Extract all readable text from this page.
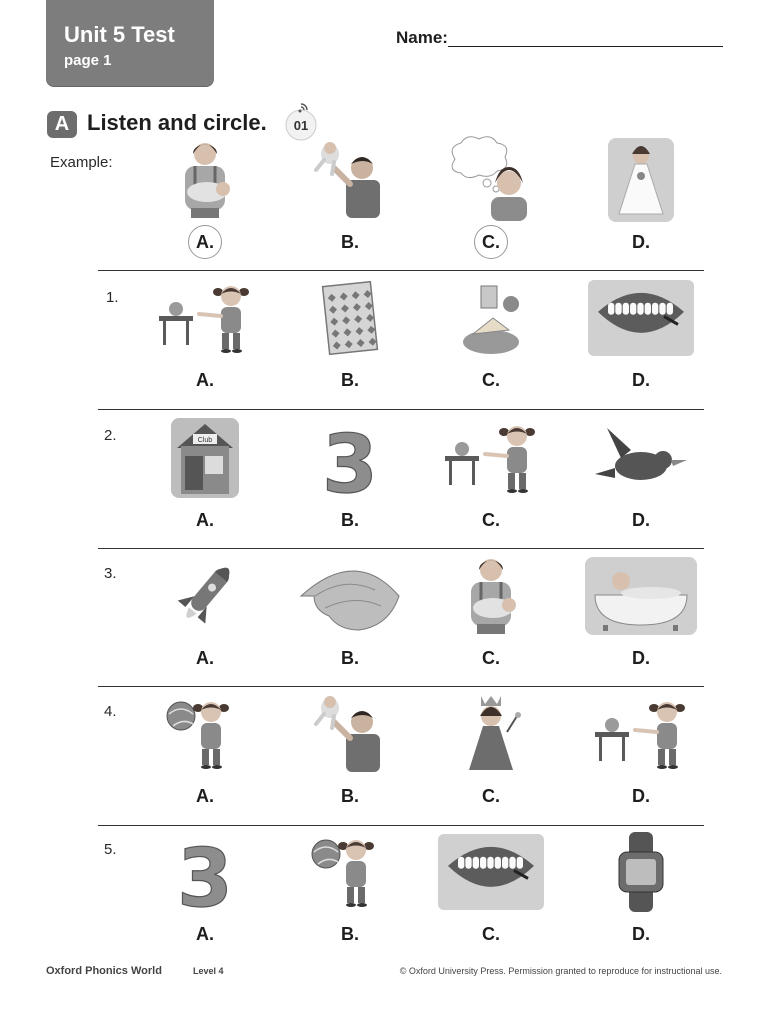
Unit 5 Test
page 1
Name:
A Listen and circle.	01
Example:
A.	B.	C.	D.
1.
A.	B.	C.	D.
2.	Club
A.
3
B.	C.	D.
3.
A.	B.	C.	D.
4.
A.	B.	C.	D.
5. 3
A.	B.	C.	D.
Oxford Phonics World	Level 4	© Oxford University Press. Permission granted to reproduce for instructional use.
